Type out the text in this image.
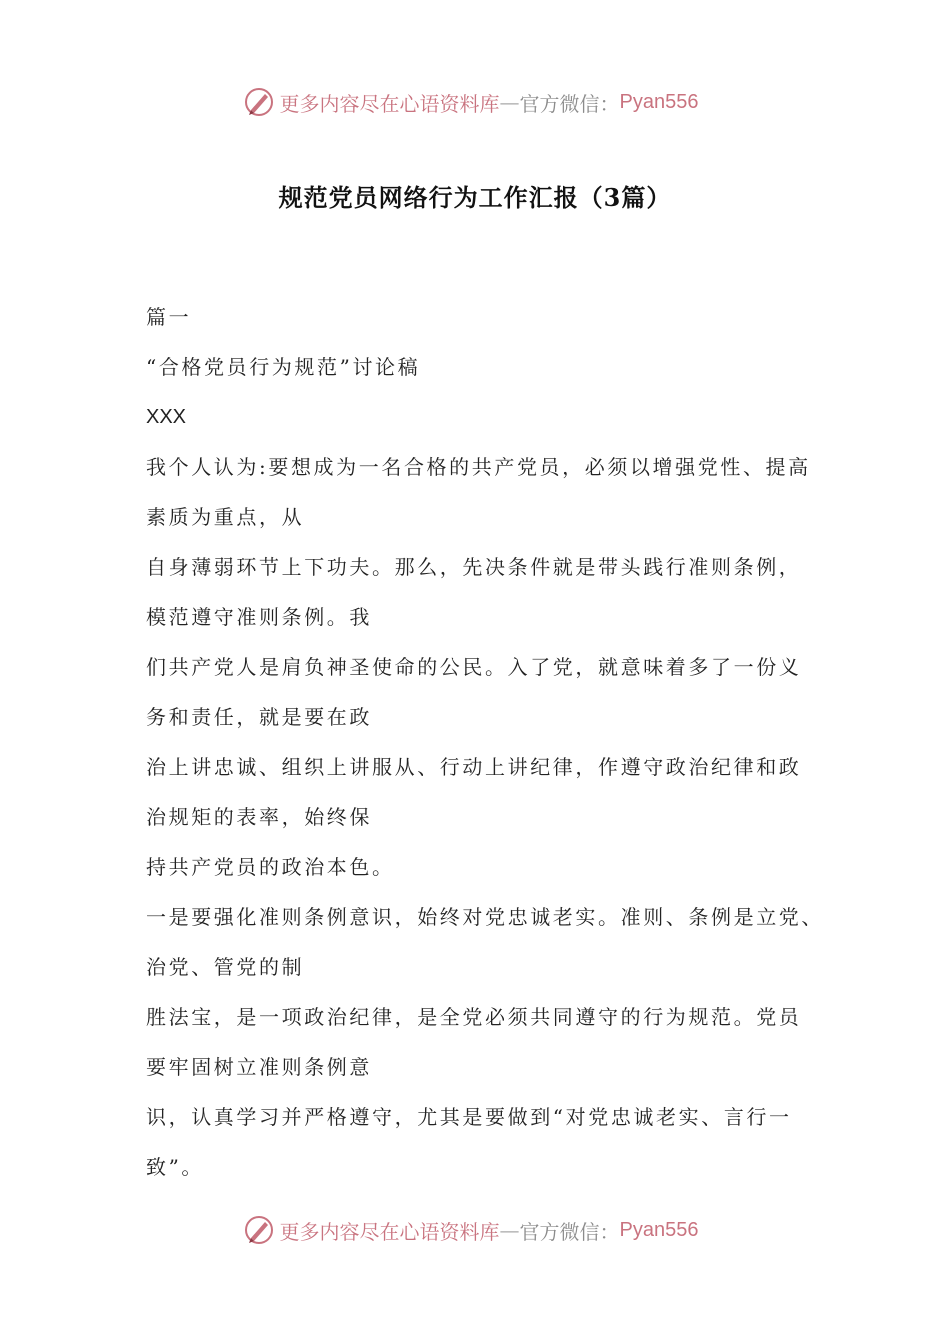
更多内容尽在心语资料库 — 官方微信： Pyan556
规范党员网络行为工作汇报（3篇）
篇一
“合格党员行为规范”讨论稿
XXX
我个人认为:要想成为一名合格的共产党员，必须以增强党性、提高
素质为重点，从
自身薄弱环节上下功夫。那么，先决条件就是带头践行准则条例，
模范遵守准则条例。我
们共产党人是肩负神圣使命的公民。入了党，就意味着多了一份义
务和责任，就是要在政
治上讲忠诚、组织上讲服从、行动上讲纪律，作遵守政治纪律和政
治规矩的表率，始终保
持共产党员的政治本色。
一是要强化准则条例意识，始终对党忠诚老实。准则、条例是立党、
治党、管党的制
胜法宝，是一项政治纪律，是全党必须共同遵守的行为规范。党员
要牢固树立准则条例意
识，认真学习并严格遵守，尤其是要做到“对党忠诚老实、言行一
致”。
更多内容尽在心语资料库 — 官方微信： Pyan556
